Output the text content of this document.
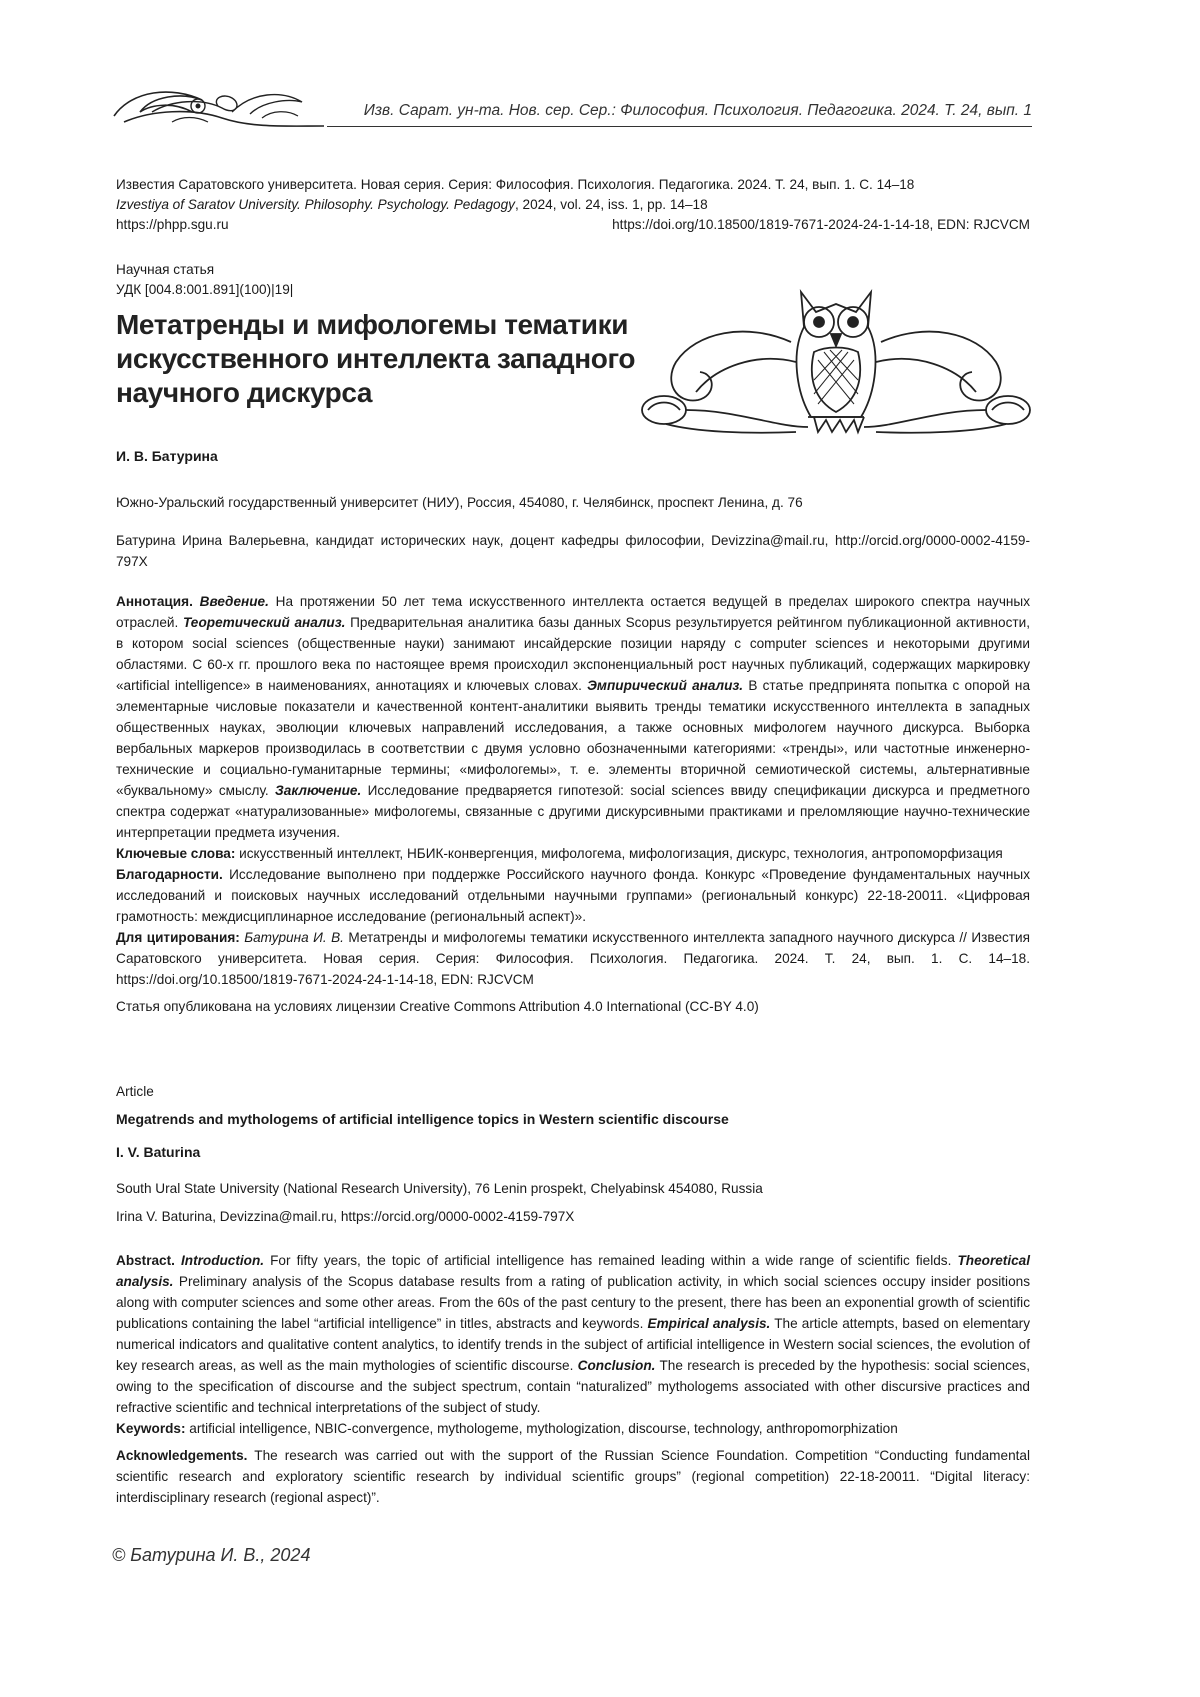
Изв. Сарат. ун-та. Нов. сер. Сер.: Философия. Психология. Педагогика. 2024. Т. 24, вып. 1
Известия Саратовского университета. Новая серия. Серия: Философия. Психология. Педагогика. 2024. Т. 24, вып. 1. С. 14–18
Izvestiya of Saratov University. Philosophy. Psychology. Pedagogy, 2024, vol. 24, iss. 1, pp. 14–18
https://phpp.sgu.ru	https://doi.org/10.18500/1819-7671-2024-24-1-14-18, EDN: RJCVCM
Научная статья
УДК [004.8:001.891](100)|19|
Метатренды и мифологемы тематики искусственного интеллекта западного научного дискурса
И. В. Батурина
Южно-Уральский государственный университет (НИУ), Россия, 454080, г. Челябинск, проспект Ленина, д. 76
Батурина Ирина Валерьевна, кандидат исторических наук, доцент кафедры философии, Devizzina@mail.ru, http://orcid.org/0000-0002-4159-797X
Аннотация. Введение. На протяжении 50 лет тема искусственного интеллекта остается ведущей в пределах широкого спектра научных отраслей. Теоретический анализ. Предварительная аналитика базы данных Scopus результируется рейтингом публикационной активности, в котором social sciences (общественные науки) занимают инсайдерские позиции наряду с computer sciences и некоторыми другими областями. С 60-х гг. прошлого века по настоящее время происходил экспоненциальный рост научных публикаций, содержащих маркировку «artificial intelligence» в наименованиях, аннотациях и ключевых словах. Эмпирический анализ. В статье предпринята попытка с опорой на элементарные числовые показатели и качественной контент-аналитики выявить тренды тематики искусственного интеллекта в западных общественных науках, эволюции ключевых направлений исследования, а также основных мифологем научного дискурса. Выборка вербальных маркеров производилась в соответствии с двумя условно обозначенными категориями: «тренды», или частотные инженерно-технические и социально-гуманитарные термины; «мифологемы», т. е. элементы вторичной семиотической системы, альтернативные «буквальному» смыслу. Заключение. Исследование предваряется гипотезой: social sciences ввиду спецификации дискурса и предметного спектра содержат «натурализованные» мифологемы, связанные с другими дискурсивными практиками и преломляющие научно-технические интерпретации предмета изучения.
Ключевые слова: искусственный интеллект, НБИК-конвергенция, мифологема, мифологизация, дискурс, технология, антропоморфизация
Благодарности. Исследование выполнено при поддержке Российского научного фонда. Конкурс «Проведение фундаментальных научных исследований и поисковых научных исследований отдельными научными группами» (региональный конкурс) 22-18-20011. «Цифровая грамотность: междисциплинарное исследование (региональный аспект)».
Для цитирования: Батурина И. В. Метатренды и мифологемы тематики искусственного интеллекта западного научного дискурса // Известия Саратовского университета. Новая серия. Серия: Философия. Психология. Педагогика. 2024. Т. 24, вып. 1. С. 14–18. https://doi.org/10.18500/1819-7671-2024-24-1-14-18, EDN: RJCVCM
Статья опубликована на условиях лицензии Creative Commons Attribution 4.0 International (CC-BY 4.0)
Article
Megatrends and mythologems of artificial intelligence topics in Western scientific discourse
I. V. Baturina
South Ural State University (National Research University), 76 Lenin prospekt, Chelyabinsk 454080, Russia
Irina V. Baturina, Devizzina@mail.ru, https://orcid.org/0000-0002-4159-797X
Abstract. Introduction. For fifty years, the topic of artificial intelligence has remained leading within a wide range of scientific fields. Theoretical analysis. Preliminary analysis of the Scopus database results from a rating of publication activity, in which social sciences occupy insider positions along with computer sciences and some other areas. From the 60s of the past century to the present, there has been an exponential growth of scientific publications containing the label “artificial intelligence” in titles, abstracts and keywords. Empirical analysis. The article attempts, based on elementary numerical indicators and qualitative content analytics, to identify trends in the subject of artificial intelligence in Western social sciences, the evolution of key research areas, as well as the main mythologies of scientific discourse. Conclusion. The research is preceded by the hypothesis: social sciences, owing to the specification of discourse and the subject spectrum, contain “naturalized” mythologems associated with other discursive practices and refractive scientific and technical interpretations of the subject of study.
Keywords: artificial intelligence, NBIC-convergence, mythologeme, mythologization, discourse, technology, anthropomorphization
Acknowledgements. The research was carried out with the support of the Russian Science Foundation. Competition “Conducting fundamental scientific research and exploratory scientific research by individual scientific groups” (regional competition) 22-18-20011. “Digital literacy: interdisciplinary research (regional aspect)”.
© Батурина И. В., 2024
